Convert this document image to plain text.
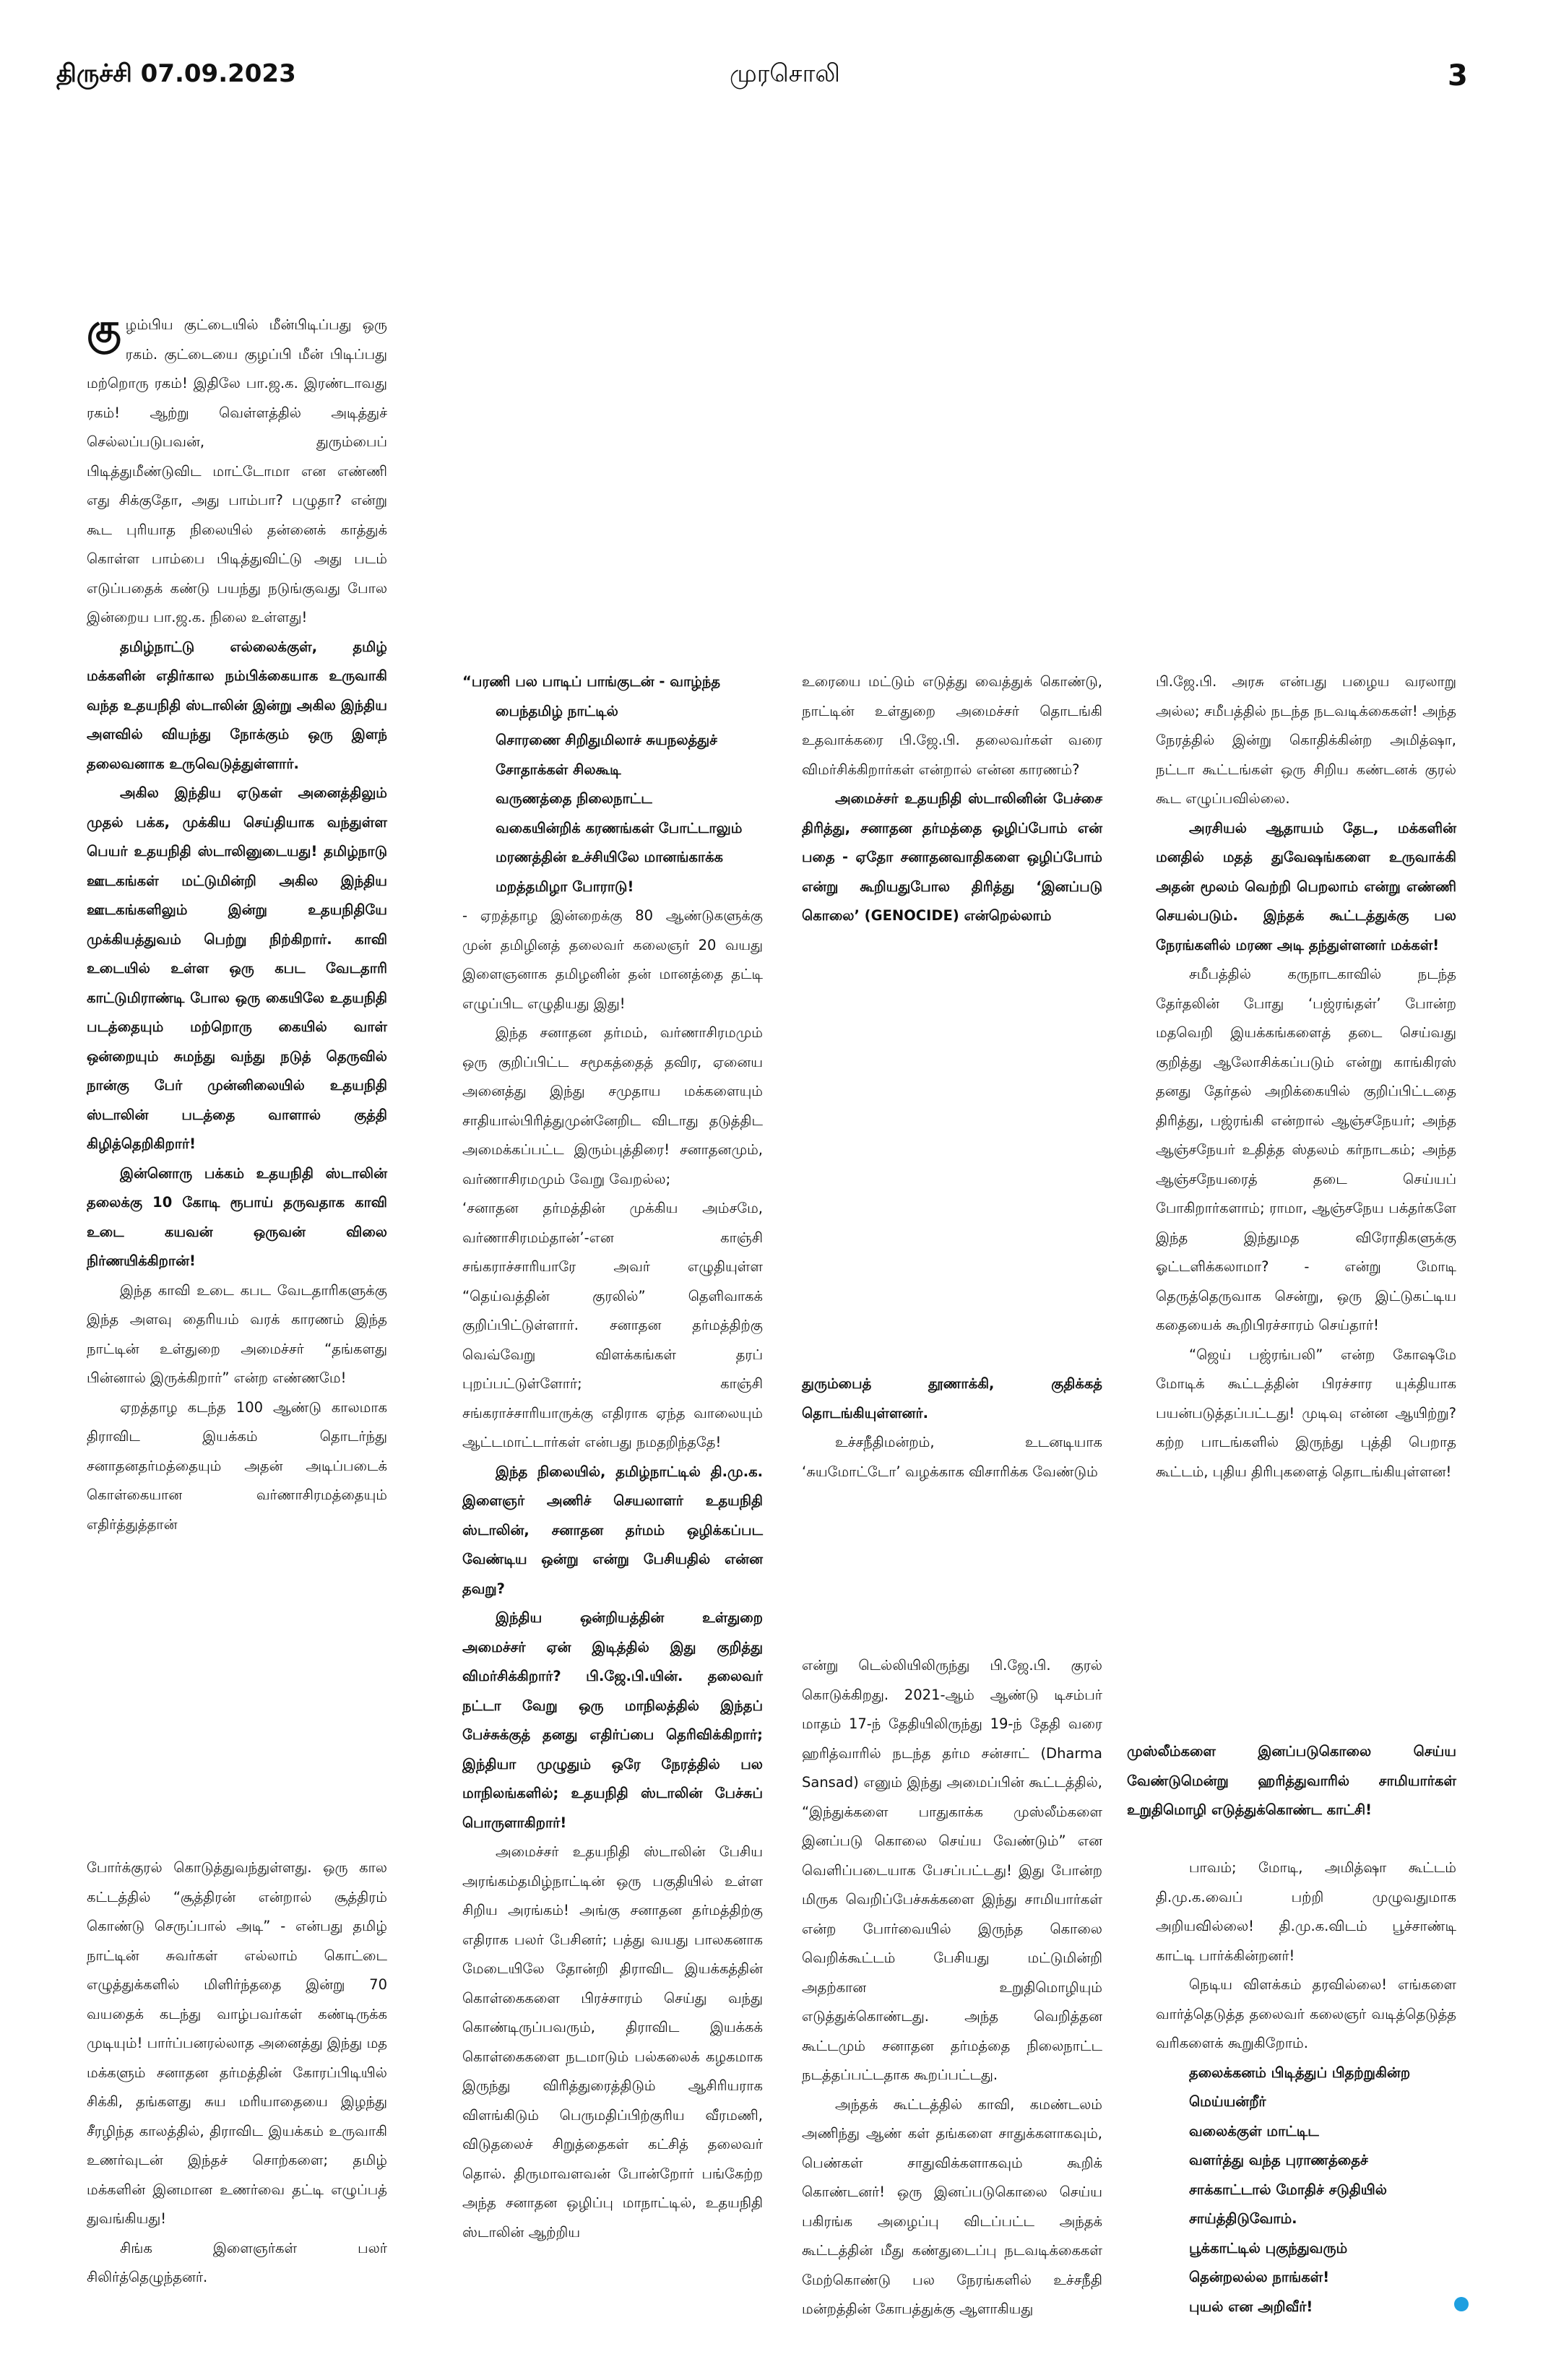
திருச்சி 07.09.2023	முரசொலி	3

குழம்பிய குட்டையில் மீன்பிடிப்பது ஒரு ரகம். குட்டையை குழப்பி மீன் பிடிப்பது மற்றொரு ரகம்! இதிலே பா.ஜ.க. இரண்டாவது ரகம்! ஆற்று வெள்ளத்தில் அடித்துச் செல்லப்படுபவன், துரும்பைப் பிடித்துமீண்டுவிட மாட்டோமா என எண்ணி எது சிக்குதோ, அது பாம்பா? பழுதா? என்று கூட புரியாத நிலையில் தன்னைக் காத்துக் கொள்ள பாம்பை பிடித்துவிட்டு அது படம் எடுப்பதைக் கண்டு பயந்து நடுங்குவது போல இன்றைய பா.ஜ.க. நிலை உள்ளது!

தமிழ்நாட்டு எல்லைக்குள், தமிழ் மக்களின் எதிர்கால நம்பிக்கையாக உருவாகி வந்த உதயநிதி ஸ்டாலின் இன்று அகில இந்திய அளவில் வியந்து நோக்கும் ஒரு இளந் தலைவனாக உருவெடுத்துள்ளார்.

அகில இந்திய ஏடுகள் அனைத்திலும் முதல் பக்க, முக்கிய செய்தியாக வந்துள்ள பெயர் உதயநிதி ஸ்டாலினுடையது! தமிழ்நாடு ஊடகங்கள் மட்டுமின்றி அகில இந்திய ஊடகங்களிலும் இன்று உதயநிதியே முக்கியத்துவம் பெற்று நிற்கிறார். காவி உடையில் உள்ள ஒரு கபட வேடதாரி காட்டுமிராண்டி போல ஒரு கையிலே உதயநிதி படத்தையும் மற்றொரு கையில் வாள் ஒன்றையும் சுமந்து வந்து நடுத் தெருவில் நான்கு பேர் முன்னிலையில் உதயநிதி ஸ்டாலின் படத்தை வாளால் குத்தி கிழித்தெறிகிறார்!

இன்னொரு பக்கம் உதயநிதி ஸ்டாலின் தலைக்கு 10 கோடி ரூபாய் தருவதாக காவி உடை கயவன் ஒருவன் விலை நிர்ணயிக்கிறான்!

இந்த காவி உடை கபட வேடதாரிகளுக்கு இந்த அளவு தைரியம் வரக் காரணம் இந்த நாட்டின் உள்துறை அமைச்சர் “தங்களது பின்னால் இருக்கிறார்” என்ற எண்ணமே!

ஏறத்தாழ கடந்த 100 ஆண்டு காலமாக திராவிட இயக்கம் தொடர்ந்து சனாதனதர்மத்தையும் அதன் அடிப்படைக் கொள்கையான வர்ணாசிரமத்தையும் எதிர்த்துத்தான்

போர்க்குரல் கொடுத்துவந்துள்ளது. ஒரு கால கட்டத்தில் “சூத்திரன் என்றால் சூத்திரம் கொண்டு செருப்பால் அடி” - என்பது தமிழ் நாட்டின் சுவர்கள் எல்லாம் கொட்டை எழுத்துக்களில் மிளிர்ந்ததை இன்று 70 வயதைக் கடந்து வாழ்பவர்கள் கண்டிருக்க முடியும்! பார்ப்பனரல்லாத அனைத்து இந்து மத மக்களும் சனாதன தர்மத்தின் கோரப்பிடியில் சிக்கி, தங்களது சுய மரியாதையை இழந்து சீரழிந்த காலத்தில், திராவிட இயக்கம் உருவாகி உணர்வுடன் இந்தச் சொற்களை; தமிழ் மக்களின் இனமான உணர்வை தட்டி எழுப்பத் துவங்கியது!

சிங்க இளைஞர்கள் பலர் சிலிர்த்தெழுந்தனர்.

“பரணி பல பாடிப் பாங்குடன் - வாழ்ந்த

பைந்தமிழ் நாட்டில்

சொரணை சிறிதுமிலாச் சுயநலத்துச்

சோதாக்கள் சிலகூடி

வருணத்தை நிலைநாட்ட

வகையின்றிக் கரணங்கள் போட்டாலும்

மரணத்தின் உச்சியிலே மானங்காக்க

மறத்தமிழா போராடு!

- ஏறத்தாழ இன்றைக்கு 80 ஆண்டுகளுக்கு முன் தமிழினத் தலைவர் கலைஞர் 20 வயது இளைஞனாக தமிழனின் தன் மானத்தை தட்டி எழுப்பிட எழுதியது இது!

இந்த சனாதன தர்மம், வர்ணாசிரமமும் ஒரு குறிப்பிட்ட சமூகத்தைத் தவிர, ஏனைய அனைத்து இந்து சமுதாய மக்களையும் சாதியால்பிரித்துமுன்னேறிட விடாது தடுத்திட அமைக்கப்பட்ட இரும்புத்திரை! சனாதனமும், வர்ணாசிரமமும் வேறு வேறல்ல;

‘சனாதன தர்மத்தின் முக்கிய அம்சமே, வர்ணாசிரமம்தான்’-என காஞ்சி சங்கராச்சாரியாரே அவர் எழுதியுள்ள “தெய்வத்தின் குரலில்” தெளிவாகக் குறிப்பிட்டுள்ளார். சனாதன தர்மத்திற்கு வெவ்வேறு விளக்கங்கள் தரப் புறப்பட்டுள்ளோர்; காஞ்சி சங்கராச்சாரியாருக்கு எதிராக ஏந்த வாலையும் ஆட்டமாட்டார்கள் என்பது நமதறிந்ததே!

இந்த நிலையில், தமிழ்நாட்டில் தி.மு.க. இளைஞர் அணிச் செயலாளர் உதயநிதி ஸ்டாலின், சனாதன தர்மம் ஒழிக்கப்பட வேண்டிய ஒன்று என்று பேசியதில் என்ன தவறு?

இந்திய ஒன்றியத்தின் உள்துறை அமைச்சர் ஏன் இடித்தில் இது குறித்து விமர்சிக்கிறார்? பி.ஜே.பி.யின். தலைவர் நட்டா வேறு ஒரு மாநிலத்தில் இந்தப் பேச்சுக்குத் தனது எதிர்ப்பை தெரிவிக்கிறார்; இந்தியா முழுதும் ஒரே நேரத்தில் பல மாநிலங்களில்; உதயநிதி ஸ்டாலின் பேச்சுப் பொருளாகிறார்!

அமைச்சர் உதயநிதி ஸ்டாலின் பேசிய அரங்கம்தமிழ்நாட்டின் ஒரு பகுதியில் உள்ள சிறிய அரங்கம்! அங்கு சனாதன தர்மத்திற்கு எதிராக பலர் பேசினர்; பத்து வயது பாலகனாக மேடையிலே தோன்றி திராவிட இயக்கத்தின் கொள்கைகளை பிரச்சாரம் செய்து வந்து கொண்டிருப்பவரும், திராவிட இயக்கக் கொள்கைகளை நடமாடும் பல்கலைக் கழகமாக இருந்து விரித்துரைத்திடும் ஆசிரியராக விளங்கிடும் பெருமதிப்பிற்குரிய வீரமணி, விடுதலைச் சிறுத்தைகள் கட்சித் தலைவர் தொல். திருமாவளவன் போன்றோர் பங்கேற்ற அந்த சனாதன ஒழிப்பு மாநாட்டில், உதயநிதி ஸ்டாலின் ஆற்றிய

உரையை மட்டும் எடுத்து வைத்துக் கொண்டு, நாட்டின் உள்துறை அமைச்சர் தொடங்கி உதவாக்கரை பி.ஜே.பி. தலைவர்கள் வரை விமர்சிக்கிறார்கள் என்றால் என்ன காரணம்?

அமைச்சர் உதயநிதி ஸ்டாலினின் பேச்சை திரித்து, சனாதன தர்மத்தை ஒழிப்போம் என் பதை - ஏதோ சனாதனவாதிகளை ஒழிப்போம் என்று கூறியதுபோல திரித்து ‘இனப்படு கொலை’ (GENOCIDE) என்றெல்லாம்

துரும்பைத் தூணாக்கி, குதிக்கத் தொடங்கியுள்ளனர்.

உச்சநீதிமன்றம், உடனடியாக ‘சுயமோட்டோ’ வழக்காக விசாரிக்க வேண்டும்

என்று டெல்லியிலிருந்து பி.ஜே.பி. குரல் கொடுக்கிறது. 2021-ஆம் ஆண்டு டிசம்பர் மாதம் 17-ந் தேதியிலிருந்து 19-ந் தேதி வரை ஹரித்வாரில் நடந்த தர்ம சன்சாட் (Dharma Sansad) எனும் இந்து அமைப்பின் கூட்டத்தில், “இந்துக்களை பாதுகாக்க முஸ்லீம்களை இனப்படு கொலை செய்ய வேண்டும்” என வெளிப்படையாக பேசப்பட்டது! இது போன்ற மிருக வெறிப்பேச்சுக்களை இந்து சாமியார்கள் என்ற போர்வையில் இருந்த கொலை வெறிக்கூட்டம் பேசியது மட்டுமின்றி அதற்கான உறுதிமொழியும் எடுத்துக்கொண்டது. அந்த வெறித்தன கூட்டமும் சனாதன தர்மத்தை நிலைநாட்ட நடத்தப்பட்டதாக கூறப்பட்டது.

அந்தக் கூட்டத்தில் காவி, கமண்டலம் அணிந்து ஆண் கள் தங்களை சாதுக்களாகவும், பெண்கள் சாதுவிக்களாகவும் கூறிக் கொண்டனர்! ஒரு இனப்படுகொலை செய்ய பகிரங்க அழைப்பு விடப்பட்ட அந்தக் கூட்டத்தின் மீது கண்துடைப்பு நடவடிக்கைகள் மேற்கொண்டு பல நேரங்களில் உச்சநீதி மன்றத்தின் கோபத்துக்கு ஆளாகியது

பி.ஜே.பி. அரசு என்பது பழைய வரலாறு அல்ல; சமீபத்தில் நடந்த நடவடிக்கைகள்! அந்த நேரத்தில் இன்று கொதிக்கின்ற அமித்ஷா, நட்டா கூட்டங்கள் ஒரு சிறிய கண்டனக் குரல் கூட எழுப்பவில்லை.

அரசியல் ஆதாயம் தேட, மக்களின் மனதில் மதத் துவேஷங்களை உருவாக்கி அதன் மூலம் வெற்றி பெறலாம் என்று எண்ணி செயல்படும். இந்தக் கூட்டத்துக்கு பல நேரங்களில் மரண அடி தந்துள்ளனர் மக்கள்!

சமீபத்தில் கருநாடகாவில் நடந்த தேர்தலின் போது ‘பஜ்ரங்தள்’ போன்ற மதவெறி இயக்கங்களைத் தடை செய்வது குறித்து ஆலோசிக்கப்படும் என்று காங்கிரஸ் தனது தேர்தல் அறிக்கையில் குறிப்பிட்டதை திரித்து, பஜ்ரங்கி என்றால் ஆஞ்சநேயர்; அந்த ஆஞ்சநேயர் உதித்த ஸ்தலம் கர்நாடகம்; அந்த ஆஞ்சநேயரைத் தடை செய்யப் போகிறார்களாம்; ராமா, ஆஞ்சநேய பக்தர்களே இந்த இந்துமத விரோதிகளுக்கு ஓட்டளிக்கலாமா? - என்று மோடி தெருத்தெருவாக சென்று, ஒரு இட்டுகட்டிய கதையைக் கூறிபிரச்சாரம் செய்தார்!

“ஜெய் பஜ்ரங்பலி” என்ற கோஷமே மோடிக் கூட்டத்தின் பிரச்சார யுக்தியாக பயன்படுத்தப்பட்டது! முடிவு என்ன ஆயிற்று? கற்ற பாடங்களில் இருந்து புத்தி பெறாத கூட்டம், புதிய திரிபுகளைத் தொடங்கியுள்ளன!

முஸ்லீம்களை இனப்படுகொலை செய்ய வேண்டுமென்று ஹரித்துவாரில் சாமியார்கள் உறுதிமொழி எடுத்துக்கொண்ட காட்சி!

பாவம்; மோடி, அமித்ஷா கூட்டம் தி.மு.க.வைப் பற்றி முழுவதுமாக அறியவில்லை! தி.மு.க.விடம் பூச்சாண்டி காட்டி பார்க்கின்றனர்!

நெடிய விளக்கம் தரவில்லை! எங்களை வார்த்தெடுத்த தலைவர் கலைஞர் வடித்தெடுத்த வரிகளைக் கூறுகிறோம்.

தலைக்கனம் பிடித்துப் பிதற்றுகின்ற

மெய்யன்றீர்

வலைக்குள் மாட்டிட

வளர்த்து வந்த புராணத்தைச்

சாக்காட்டால் மோதிச் சடுதியில்

சாய்த்திடுவோம்.

பூக்காட்டில் புகுந்துவரும்

தென்றலல்ல நாங்கள்!

புயல் என அறிவீர்!
